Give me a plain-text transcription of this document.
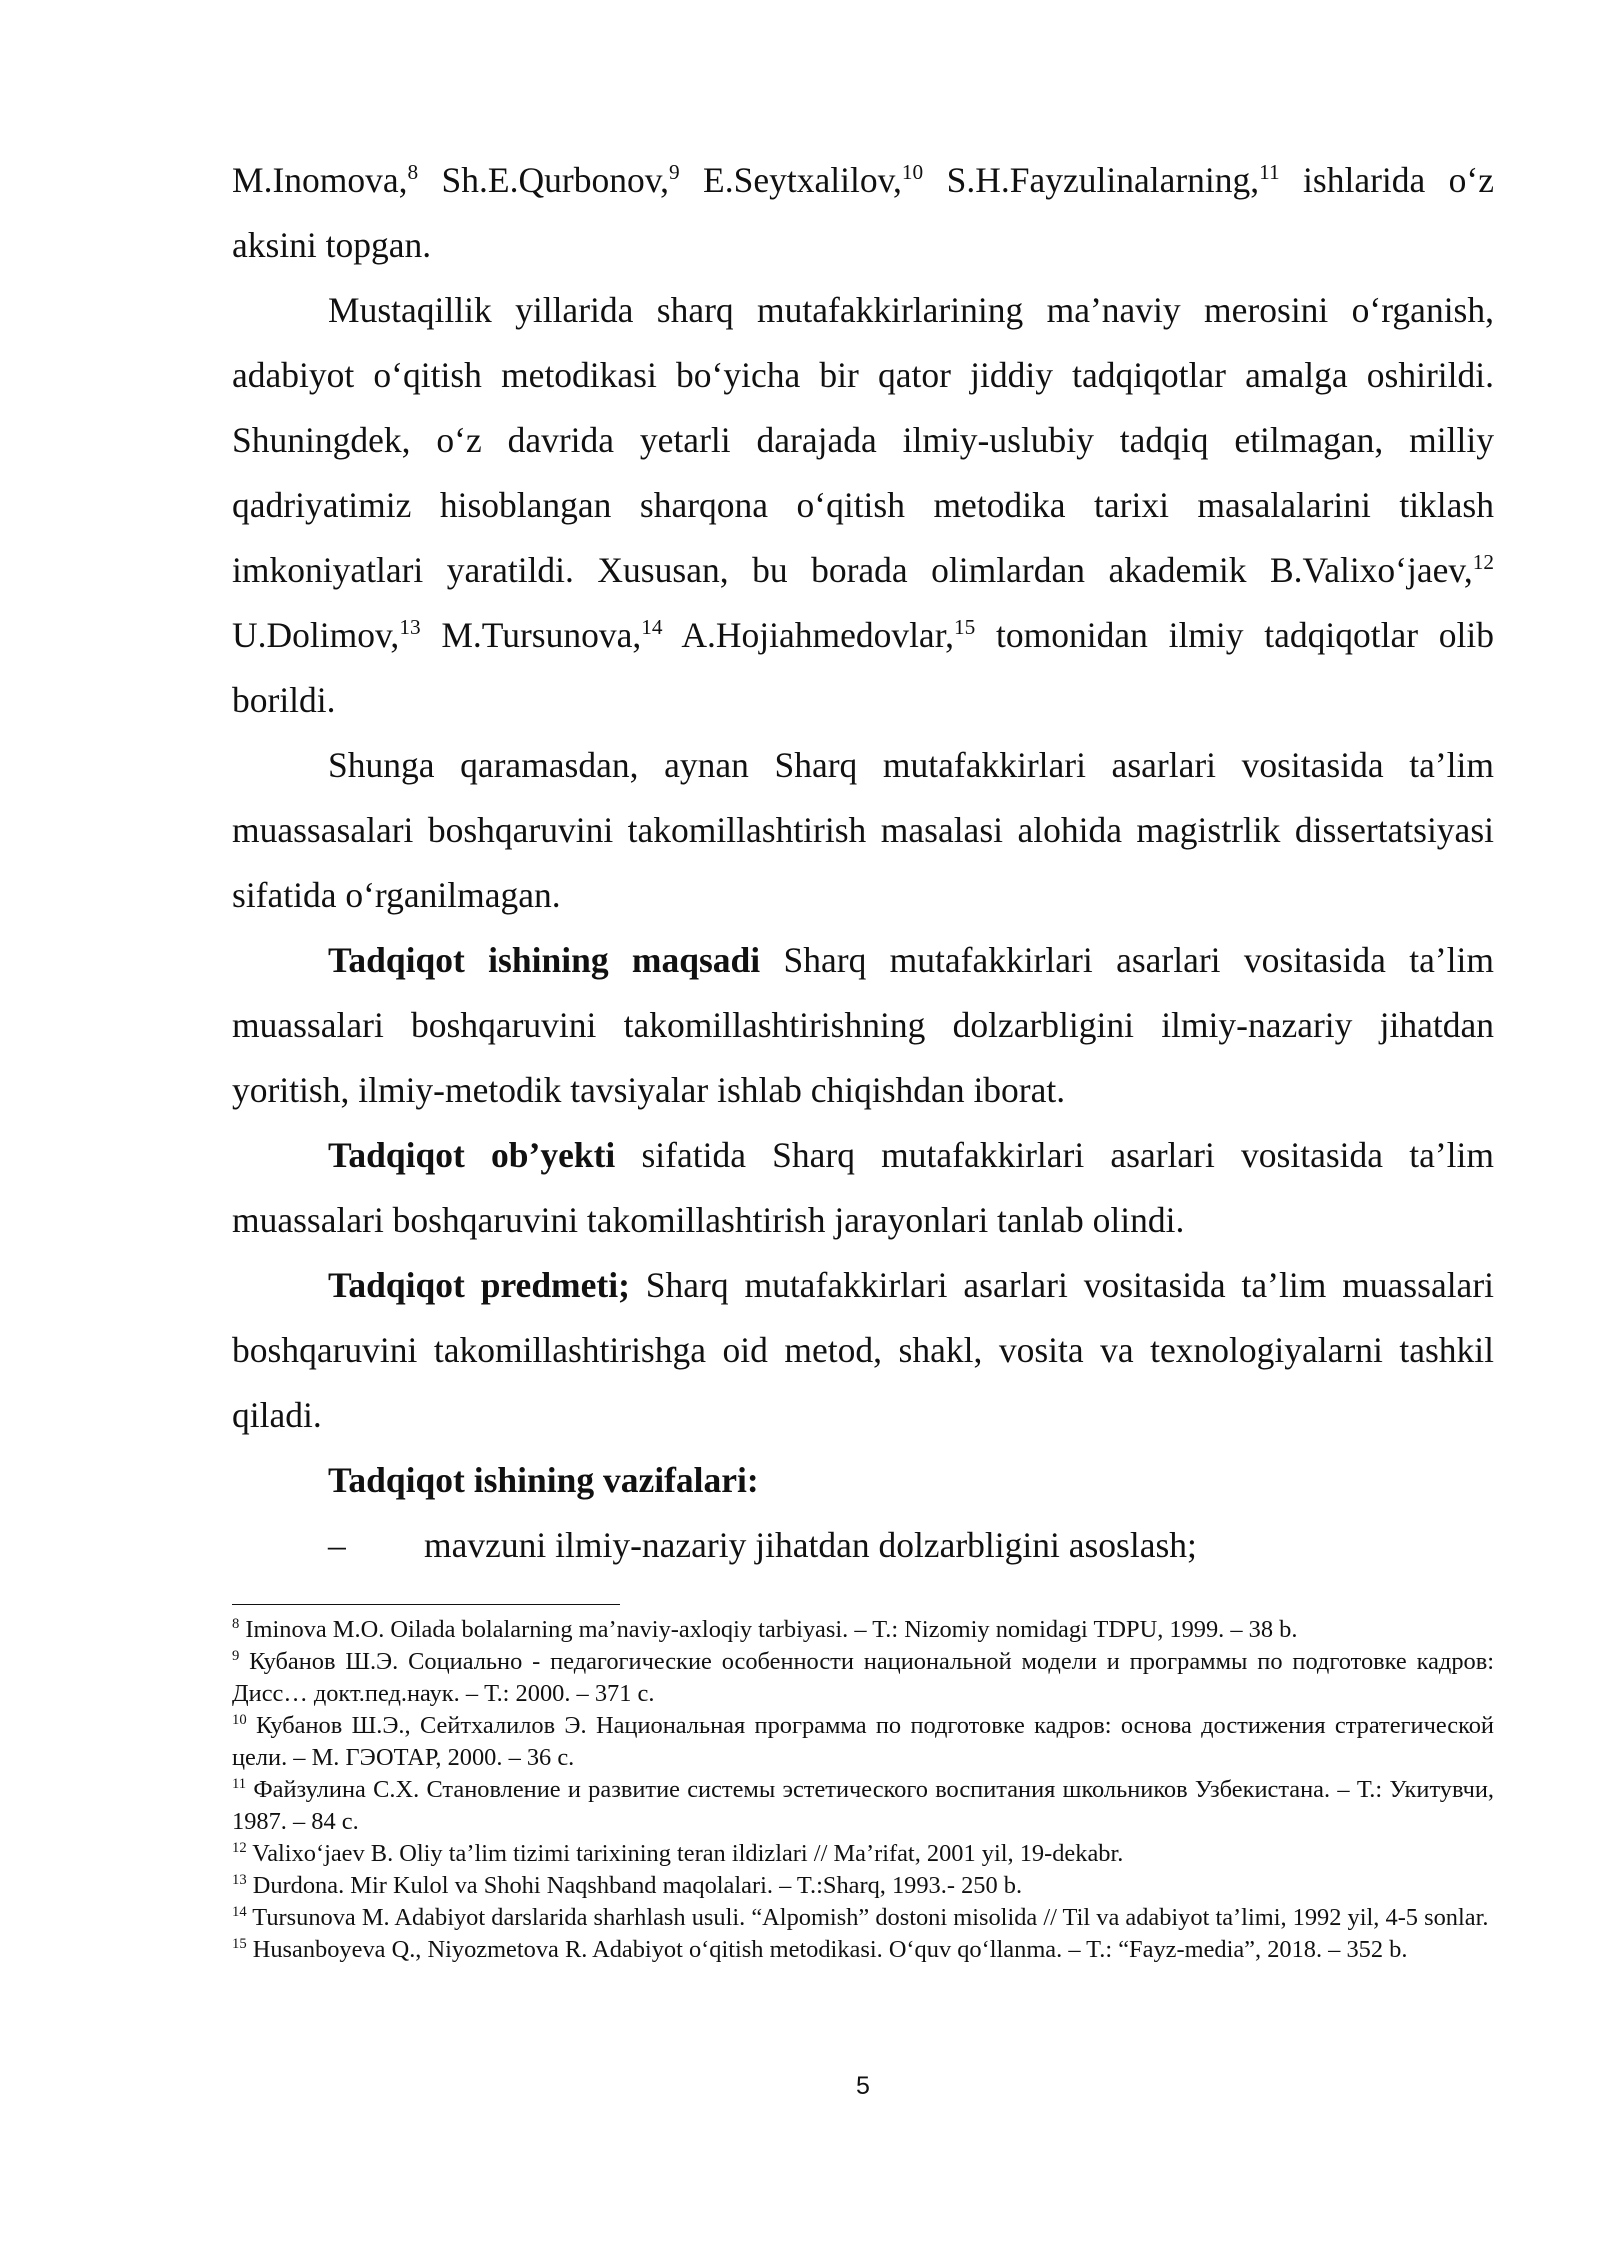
M.Inomova,$^8$ Sh.E.Qurbonov,$^9$ E.Seytxalilov,$^{10}$ S.H.Fayzulinalarning,$^{11}$ ishlarida o‘z aksini topgan.

Mustaqillik yillarida sharq mutafakkirlarining ma’naviy merosini o‘rganish, adabiyot o‘qitish metodikasi bo‘yicha bir qator jiddiy tadqiqotlar amalga oshirildi. Shuningdek, o‘z davrida yetarli darajada ilmiy-uslubiy tadqiq etilmagan, milliy qadriyatimiz hisoblangan sharqona o‘qitish metodika tarixi masalalarini tiklash imkoniyatlari yaratildi. Xususan, bu borada olimlardan akademik B.Valixo‘jaev,$^{12}$ U.Dolimov,$^{13}$ M.Tursunova,$^{14}$ A.Hojiahmedovlar,$^{15}$ tomonidan ilmiy tadqiqotlar olib borildi.

Shunga qaramasdan, aynan Sharq mutafakkirlari asarlari vositasida ta’lim muassasalari boshqaruvini takomillashtirish masalasi alohida magistrlik dissertatsiyasi sifatida o‘rganilmagan.

Tadqiqot ishining maqsadi Sharq mutafakkirlari asarlari vositasida ta’lim muassalari boshqaruvini takomillashtirishning dolzarbligini ilmiy-nazariy jihatdan yoritish, ilmiy-metodik tavsiyalar ishlab chiqishdan iborat.

Tadqiqot ob’yekti sifatida Sharq mutafakkirlari asarlari vositasida ta’lim muassalari boshqaruvini takomillashtirish jarayonlari tanlab olindi.

Tadqiqot predmeti; Sharq mutafakkirlari asarlari vositasida ta’lim muassalari boshqaruvini takomillashtirishga oid metod, shakl, vosita va texnologiyalarni tashkil qiladi.

Tadqiqot ishining vazifalari:

– mavzuni ilmiy-nazariy jihatdan dolzarbligini asoslash;

$^8$ Iminova M.O. Oilada bolalarning ma’naviy-axloqiy tarbiyasi. – T.: Nizomiy nomidagi TDPU, 1999. – 38 b.

$^9$ Кубанов Ш.Э. Социально - педагогические особенности национальной модели и программы по подготовке кадров: Дисс… докт.пед.наук. – Т.: 2000. – 371 с.

$^{10}$ Кубанов Ш.Э., Сейтхалилов Э. Национальная программа по подготовке кадров: основа достижения стратегической цели. – М. ГЭОТАР, 2000. – 36 с.

$^{11}$ Файзулина С.Х. Становление и развитие системы эстетического воспитания школьников Узбекистана. – Т.: Укитувчи, 1987. – 84 с.

$^{12}$ Valixo‘jaev B. Oliy ta’lim tizimi tarixining teran ildizlari // Ma’rifat, 2001 yil, 19-dekabr.

$^{13}$ Durdona. Mir Kulol va Shohi Naqshband maqolalari. – T.:Sharq, 1993.- 250 b.

$^{14}$ Tursunova M. Adabiyot darslarida sharhlash usuli. “Alpomish” dostoni misolida // Til va adabiyot ta’limi, 1992 yil, 4-5 sonlar.

$^{15}$ Husanboyeva Q., Niyozmetova R. Adabiyot o‘qitish metodikasi. O‘quv qo‘llanma. – T.: “Fayz-media”, 2018. – 352 b.

5
